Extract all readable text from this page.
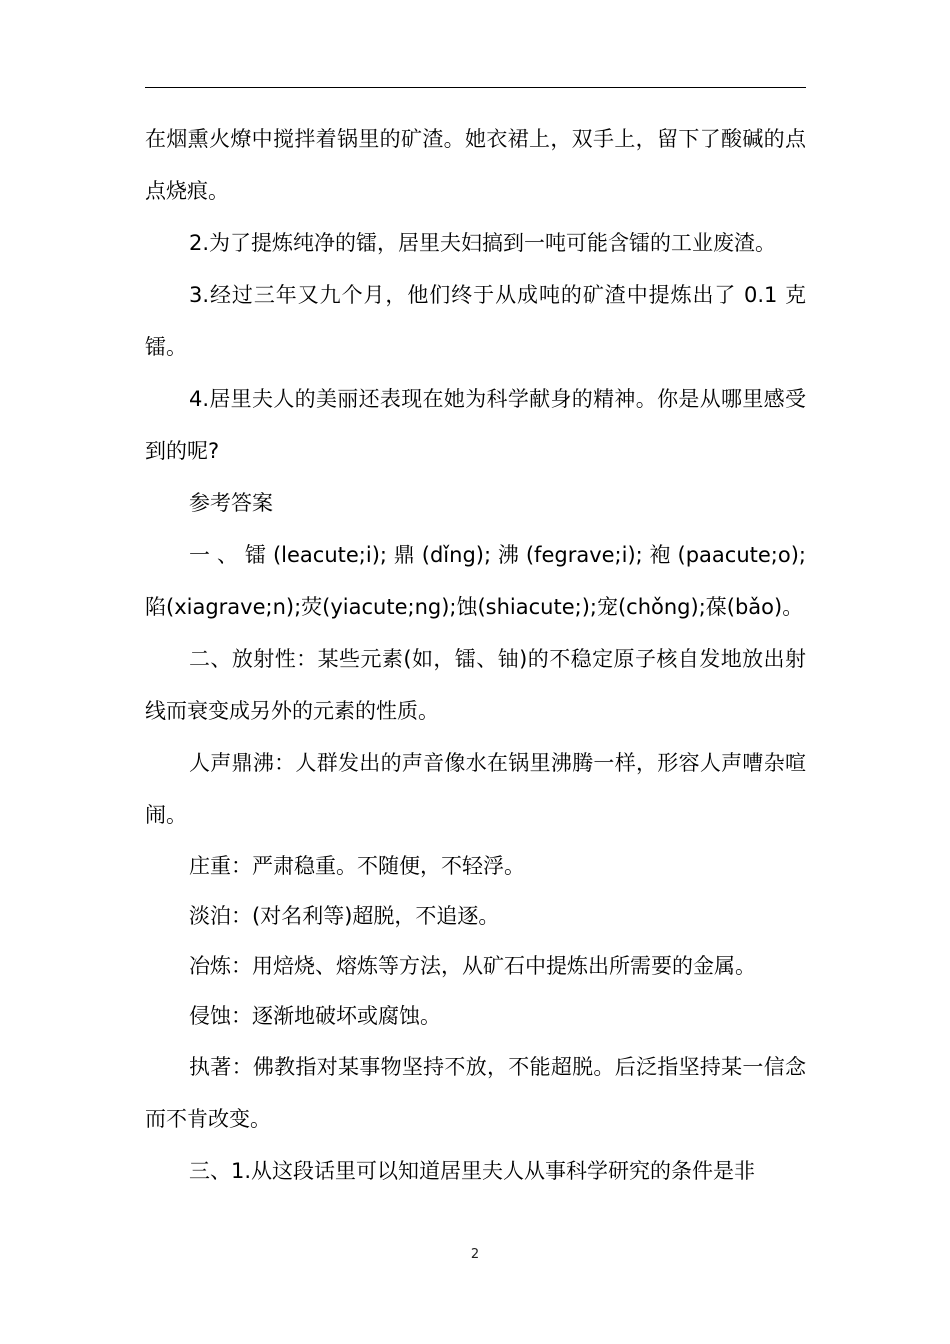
在烟熏火燎中搅拌着锅里的矿渣。她衣裙上，双手上，留下了酸碱的点点烧痕。

2.为了提炼纯净的镭，居里夫妇搞到一吨可能含镭的工业废渣。

3.经过三年又九个月，他们终于从成吨的矿渣中提炼出了 0.1 克镭。

4.居里夫人的美丽还表现在她为科学献身的精神。你是从哪里感受到的呢?

参考答案

一 、 镭 (leacute;i); 鼎 (dǐng); 沸 (fegrave;i); 袍 (paacute;o); 陷(xiagrave;n);荧(yiacute;ng);蚀(shiacute;);宠(chǒng);葆(bǎo)。

二、放射性：某些元素(如，镭、铀)的不稳定原子核自发地放出射线而衰变成另外的元素的性质。

人声鼎沸：人群发出的声音像水在锅里沸腾一样，形容人声嘈杂喧闹。

庄重：严肃稳重。不随便，不轻浮。

淡泊：(对名利等)超脱，不追逐。

冶炼：用焙烧、熔炼等方法，从矿石中提炼出所需要的金属。

侵蚀：逐渐地破坏或腐蚀。

执著：佛教指对某事物坚持不放，不能超脱。后泛指坚持某一信念而不肯改变。

三、1.从这段话里可以知道居里夫人从事科学研究的条件是非

2
